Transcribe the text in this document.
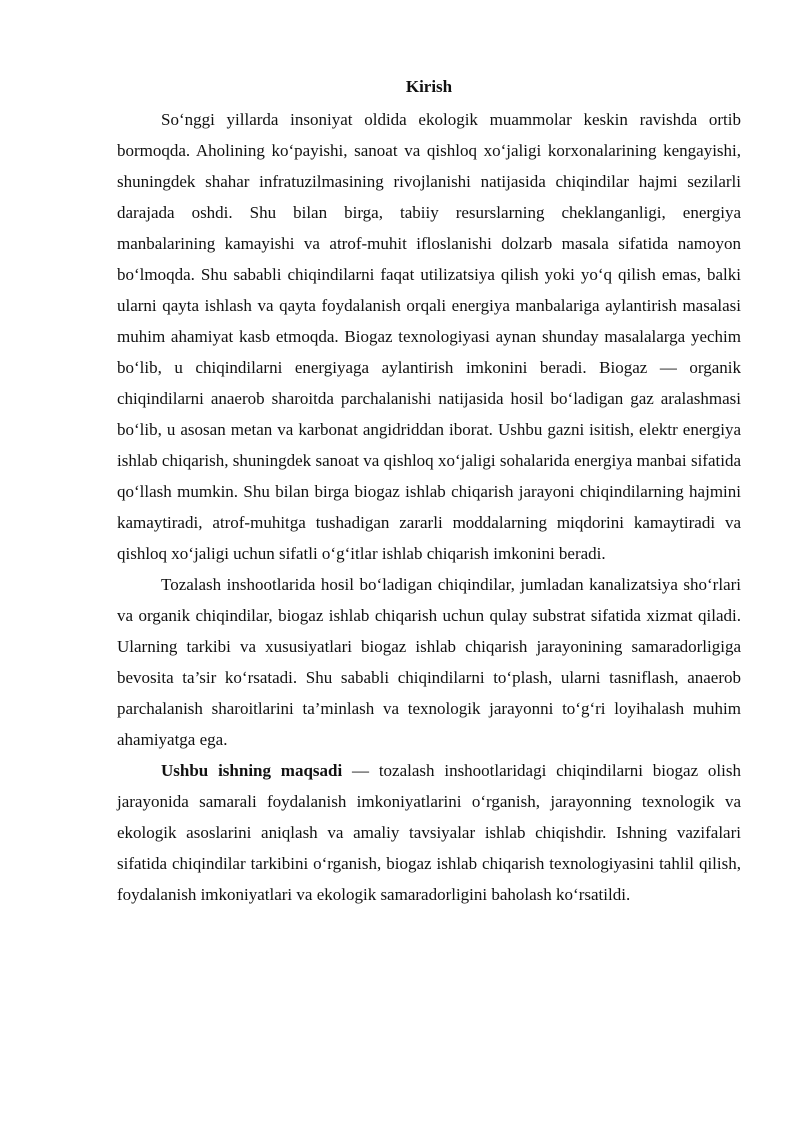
Kirish

So‘nggi yillarda insoniyat oldida ekologik muammolar keskin ravishda ortib bormoqda. Aholining ko‘payishi, sanoat va qishloq xo‘jaligi korxonalarining kengayishi, shuningdek shahar infratuzilmasining rivojlanishi natijasida chiqindilar hajmi sezilarli darajada oshdi. Shu bilan birga, tabiiy resurslarning cheklanganligi, energiya manbalarining kamayishi va atrof-muhit ifloslanishi dolzarb masala sifatida namoyon bo‘lmoqda. Shu sababli chiqindilarni faqat utilizatsiya qilish yoki yo‘q qilish emas, balki ularni qayta ishlash va qayta foydalanish orqali energiya manbalariga aylantirish masalasi muhim ahamiyat kasb etmoqda. Biogaz texnologiyasi aynan shunday masalalarga yechim bo‘lib, u chiqindilarni energiyaga aylantirish imkonini beradi. Biogaz — organik chiqindilarni anaerob sharoitda parchalanishi natijasida hosil bo‘ladigan gaz aralashmasi bo‘lib, u asosan metan va karbonat angidriddan iborat. Ushbu gazni isitish, elektr energiya ishlab chiqarish, shuningdek sanoat va qishloq xo‘jaligi sohalarida energiya manbai sifatida qo‘llash mumkin. Shu bilan birga biogaz ishlab chiqarish jarayoni chiqindilarning hajmini kamaytiradi, atrof-muhitga tushadigan zararli moddalarning miqdorini kamaytiradi va qishloq xo‘jaligi uchun sifatli o‘g‘itlar ishlab chiqarish imkonini beradi.

Tozalash inshootlarida hosil bo‘ladigan chiqindilar, jumladan kanalizatsiya sho‘rlari va organik chiqindilar, biogaz ishlab chiqarish uchun qulay substrat sifatida xizmat qiladi. Ularning tarkibi va xususiyatlari biogaz ishlab chiqarish jarayonining samaradorligiga bevosita ta’sir ko‘rsatadi. Shu sababli chiqindilarni to‘plash, ularni tasniflash, anaerob parchalanish sharoitlarini ta’minlash va texnologik jarayonni to‘g‘ri loyihalash muhim ahamiyatga ega.

Ushbu ishning maqsadi — tozalash inshootlaridagi chiqindilarni biogaz olish jarayonida samarali foydalanish imkoniyatlarini o‘rganish, jarayonning texnologik va ekologik asoslarini aniqlash va amaliy tavsiyalar ishlab chiqishdir. Ishning vazifalari sifatida chiqindilar tarkibini o‘rganish, biogaz ishlab chiqarish texnologiyasini tahlil qilish, foydalanish imkoniyatlari va ekologik samaradorligini baholash ko‘rsatildi.
